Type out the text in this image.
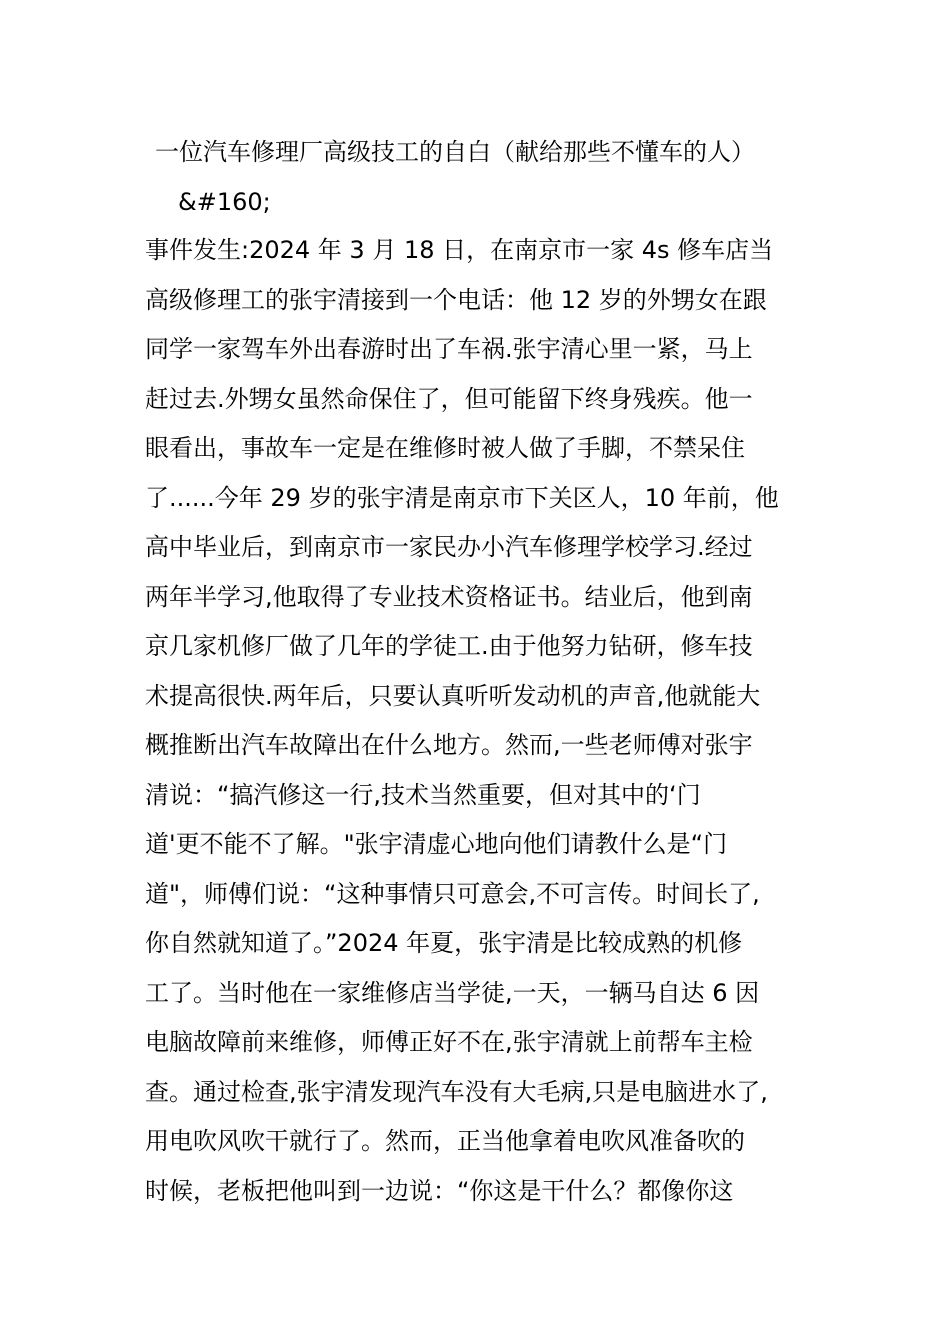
一位汽车修理厂高级技工的自白（献给那些不懂车的人）
&#160;
事件发生:2024 年 3 月 18 日，在南京市一家 4s 修车店当
高级修理工的张宇清接到一个电话：他 12 岁的外甥女在跟
同学一家驾车外出春游时出了车祸.张宇清心里一紧，马上
赶过去.外甥女虽然命保住了，但可能留下终身残疾。他一
眼看出，事故车一定是在维修时被人做了手脚，不禁呆住
了......今年 29 岁的张宇清是南京市下关区人，10 年前，他
高中毕业后，到南京市一家民办小汽车修理学校学习.经过
两年半学习,他取得了专业技术资格证书。结业后，他到南
京几家机修厂做了几年的学徒工.由于他努力钻研，修车技
术提高很快.两年后，只要认真听听发动机的声音,他就能大
概推断出汽车故障出在什么地方。然而,一些老师傅对张宇
清说：“搞汽修这一行,技术当然重要，但对其中的‘门
道'更不能不了解。"张宇清虚心地向他们请教什么是“门
道"，师傅们说：“这种事情只可意会,不可言传。时间长了,
你自然就知道了。”2024 年夏，张宇清是比较成熟的机修
工了。当时他在一家维修店当学徒,一天，一辆马自达 6 因
电脑故障前来维修，师傅正好不在,张宇清就上前帮车主检
查。通过检查,张宇清发现汽车没有大毛病,只是电脑进水了,
用电吹风吹干就行了。然而，正当他拿着电吹风准备吹的
时候，老板把他叫到一边说：“你这是干什么？都像你这
